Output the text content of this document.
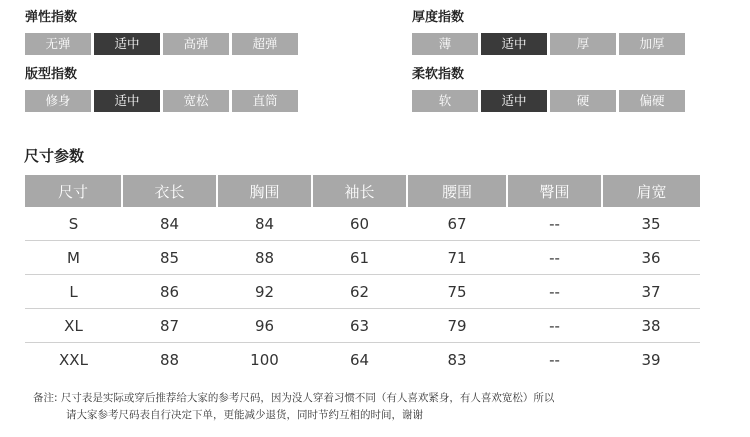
弹性指数
无弹	适中	高弹	超弹
版型指数
修身	适中	宽松	直筒
厚度指数
薄	适中	厚	加厚
柔软指数
软	适中	硬	偏硬
尺寸参数
尺寸	衣长	胸围	袖长	腰围	臀围	肩宽
S	84	84	60	67	--	35
M	85	88	61	71	--	36
L	86	92	62	75	--	37
XL	87	96	63	79	--	38
XXL	88	100	64	83	--	39
备注: 尺寸表是实际或穿后推荐给大家的参考尺码，因为没人穿着习惯不同（有人喜欢紧身，有人喜欢宽松）所以
请大家参考尺码表自行决定下单，更能减少退货，同时节约互相的时间，谢谢
